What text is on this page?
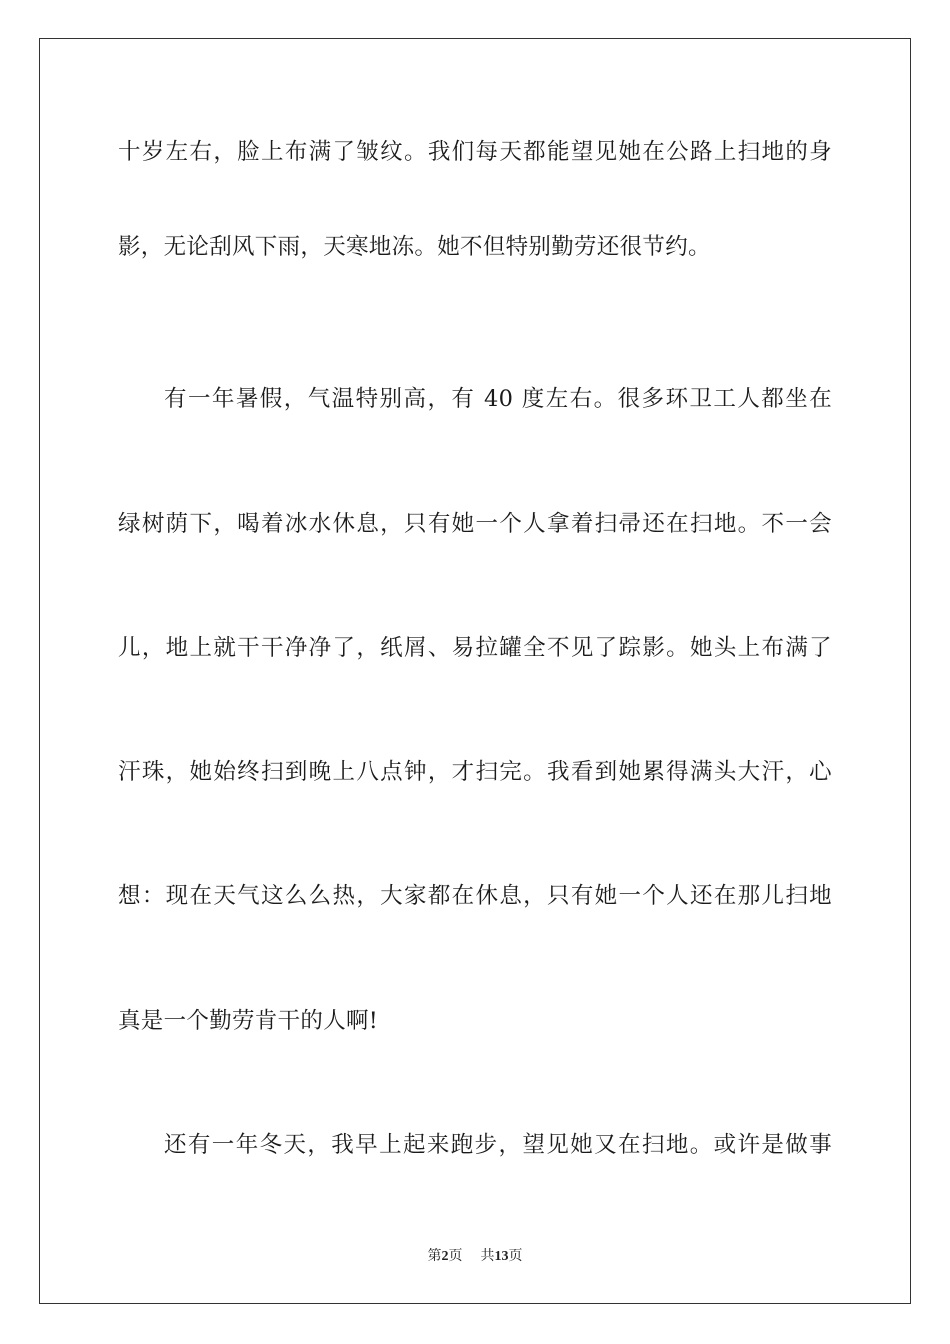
十岁左右，脸上布满了皱纹。我们每天都能望见她在公路上扫地的身
影，无论刮风下雨，天寒地冻。她不但特别勤劳还很节约。
有一年暑假，气温特别高，有 40 度左右。很多环卫工人都坐在
绿树荫下，喝着冰水休息，只有她一个人拿着扫帚还在扫地。不一会
儿，地上就干干净净了，纸屑、易拉罐全不见了踪影。她头上布满了
汗珠，她始终扫到晚上八点钟，才扫完。我看到她累得满头大汗，心
想：现在天气这么么热，大家都在休息，只有她一个人还在那儿扫地
真是一个勤劳肯干的人啊!
还有一年冬天，我早上起来跑步，望见她又在扫地。或许是做事
第2页 共13页
